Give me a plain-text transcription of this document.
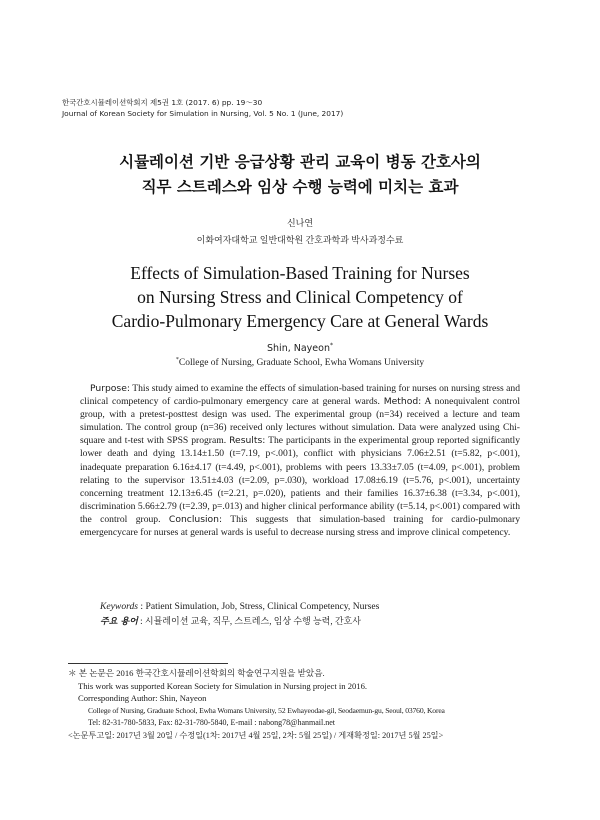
한국간호시뮬레이션학회지 제5권 1호 (2017. 6) pp. 19～30
Journal of Korean Society for Simulation in Nursing, Vol. 5 No. 1 (June, 2017)
시뮬레이션 기반 응급상황 관리 교육이 병동 간호사의
직무 스트레스와 임상 수행 능력에 미치는 효과
신나연
이화여자대학교 일반대학원 간호과학과 박사과정수료
Effects of Simulation-Based Training for Nurses
on Nursing Stress and Clinical Competency of
Cardio-Pulmonary Emergency Care at General Wards
Shin, Nayeon*
*College of Nursing, Graduate School, Ewha Womans University
Purpose: This study aimed to examine the effects of simulation-based training for nurses on nursing stress and clinical competency of cardio-pulmonary emergency care at general wards. Method: A nonequivalent control group, with a pretest-posttest design was used. The experimental group (n=34) received a lecture and team simulation. The control group (n=36) received only lectures without simulation. Data were analyzed using Chi-square and t-test with SPSS program. Results: The participants in the experimental group reported significantly lower death and dying 13.14±1.50 (t=7.19, p<.001), conflict with physicians 7.06±2.51 (t=5.82, p<.001), inadequate preparation 6.16±4.17 (t=4.49, p<.001), problems with peers 13.33±7.05 (t=4.09, p<.001), problem relating to the supervisor 13.51±4.03 (t=2.09, p=.030), workload 17.08±6.19 (t=5.76, p<.001), uncertainty concerning treatment 12.13±6.45 (t=2.21, p=.020), patients and their families 16.37±6.38 (t=3.34, p<.001), discrimination 5.66±2.79 (t=2.39, p=.013) and higher clinical performance ability (t=5.14, p<.001) compared with the control group. Conclusion: This suggests that simulation-based training for cardio-pulmonary emergencycare for nurses at general wards is useful to decrease nursing stress and improve clinical competency.
Keywords : Patient Simulation, Job, Stress, Clinical Competency, Nurses
주요 용어 : 시뮬레이션 교육, 직무, 스트레스, 임상 수행 능력, 간호사
＊ 본 논문은 2016 한국간호시뮬레이션학회의 학술연구지원을 받았음.
This work was supported Korean Society for Simulation in Nursing project in 2016.
Corresponding Author: Shin, Nayeon
College of Nursing, Graduate School, Ewha Womans University, 52 Ewhayeodae-gil, Seodaemun-gu, Seoul, 03760, Korea
Tel: 82-31-780-5833, Fax: 82-31-780-5840, E-mail : nabong78@hanmail.net
<논문투고일: 2017년 3월 20일 / 수정일(1차: 2017년 4월 25일, 2차: 5월 25일) / 게재확정일: 2017년 5월 25일>
